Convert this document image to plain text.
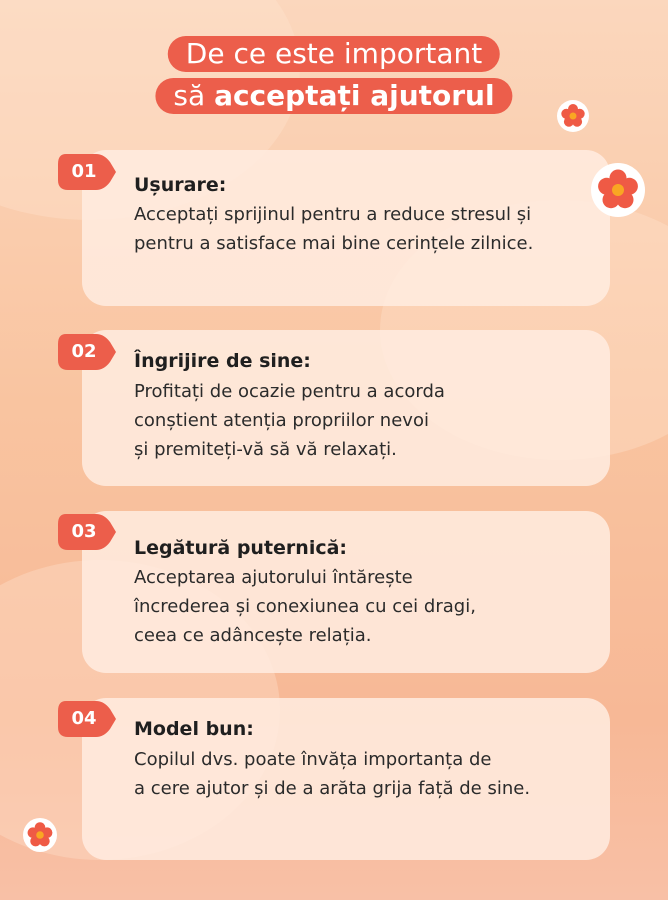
De ce este important
să acceptați ajutorul
Ușurare:
Acceptați sprijinul pentru a reduce stresul și
pentru a satisface mai bine cerințele zilnice.
01
Îngrijire de sine:
Profitați de ocazie pentru a acorda
conștient atenția propriilor nevoi
și premiteți-vă să vă relaxați.
02
Legătură puternică:
Acceptarea ajutorului întărește
încrederea și conexiunea cu cei dragi,
ceea ce adâncește relația.
03
Model bun:
Copilul dvs. poate învăța importanța de
a cere ajutor și de a arăta grija față de sine.
04
